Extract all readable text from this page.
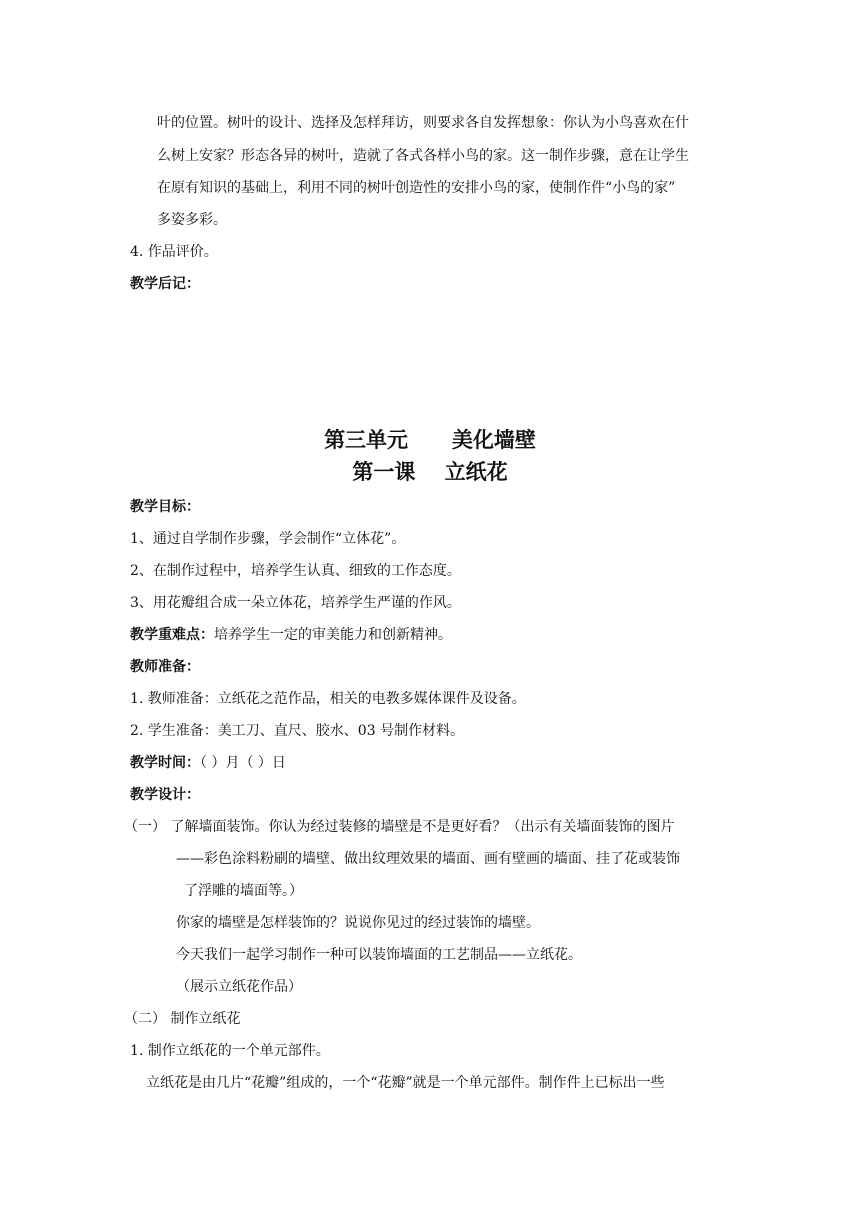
叶的位置。树叶的设计、选择及怎样拜访，则要求各自发挥想象：你认为小鸟喜欢在什
么树上安家？形态各异的树叶，造就了各式各样小鸟的家。这一制作步骤，意在让学生
在原有知识的基础上，利用不同的树叶创造性的安排小鸟的家，使制作件“小鸟的家”
多姿多彩。
4. 作品评价。
教学后记：
第三单元      美化墙壁
第一课    立纸花
教学目标：
1、通过自学制作步骤，学会制作“立体花”。
2、在制作过程中，培养学生认真、细致的工作态度。
3、用花瓣组合成一朵立体花，培养学生严谨的作风。
教学重难点：培养学生一定的审美能力和创新精神。
教师准备：
1. 教师准备：立纸花之范作品，相关的电教多媒体课件及设备。
2. 学生准备：美工刀、直尺、胶水、03 号制作材料。
教学时间：（ ）月（ ）日
教学设计：
（一） 了解墙面装饰。你认为经过装修的墙壁是不是更好看？（出示有关墙面装饰的图片
——彩色涂料粉刷的墙壁、做出纹理效果的墙面、画有壁画的墙面、挂了花或装饰
了浮雕的墙面等。）
你家的墙壁是怎样装饰的？说说你见过的经过装饰的墙壁。
今天我们一起学习制作一种可以装饰墙面的工艺制品——立纸花。
（展示立纸花作品）
（二） 制作立纸花
1. 制作立纸花的一个单元部件。
立纸花是由几片“花瓣”组成的，一个“花瓣”就是一个单元部件。制作件上已标出一些
